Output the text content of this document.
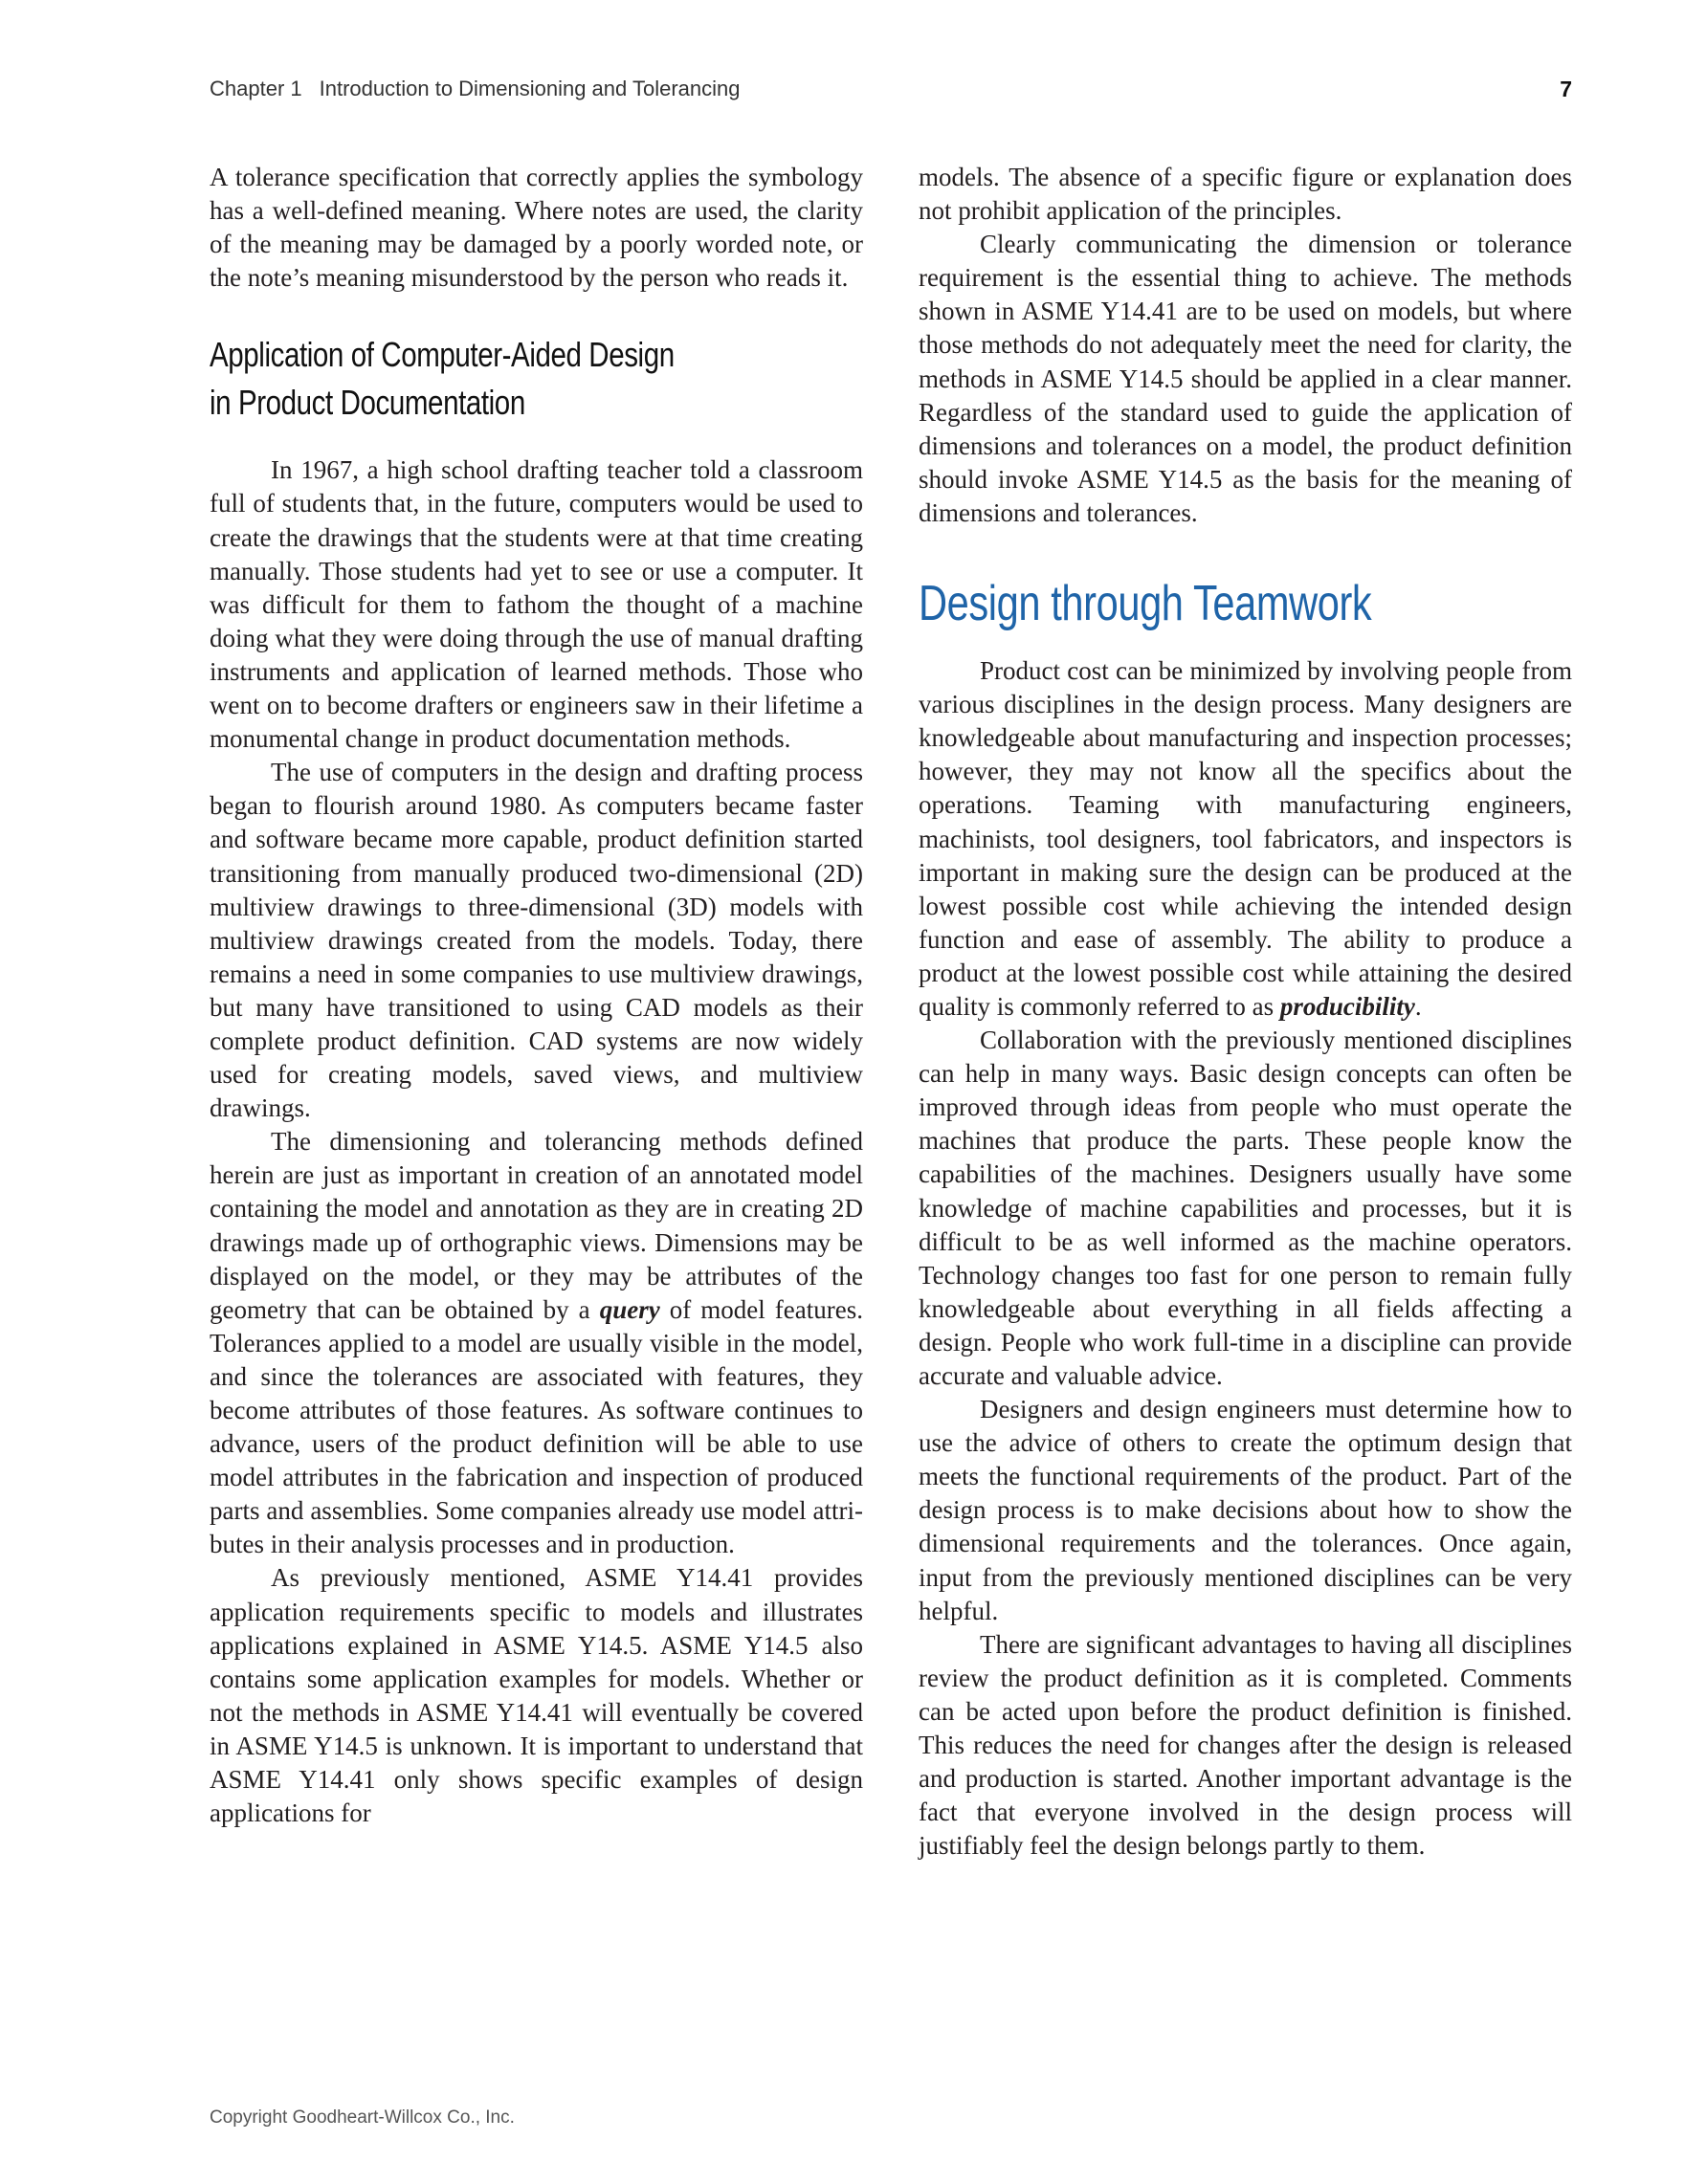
Chapter 1 Introduction to Dimensioning and Tolerancing	7

A tolerance specification that correctly applies the symbology has a well-defined meaning. Where notes are used, the clarity of the meaning may be damaged by a poorly worded note, or the note’s meaning misunderstood by the person who reads it.

Application of Computer-Aided Design
in Product Documentation

In 1967, a high school drafting teacher told a classroom full of students that, in the future, computers would be used to create the drawings that the students were at that time creating manually. Those students had yet to see or use a computer. It was difficult for them to fathom the thought of a machine doing what they were doing through the use of manual drafting instruments and application of learned methods. Those who went on to become drafters or engineers saw in their lifetime a monumental change in product documentation methods.

The use of computers in the design and drafting process began to flourish around 1980. As computers became faster and software became more capable, product definition started transitioning from manually produced two-dimensional (2D) multiview drawings to three-dimensional (3D) models with multiview drawings created from the models. Today, there remains a need in some companies to use multiview drawings, but many have transitioned to using CAD models as their complete product definition. CAD systems are now widely used for creating models, saved views, and multiview drawings.

The dimensioning and tolerancing methods defined herein are just as important in creation of an annotated model containing the model and annotation as they are in creating 2D drawings made up of orthographic views. Dimensions may be displayed on the model, or they may be attributes of the geometry that can be obtained by a query of model features. Tolerances applied to a model are usually visible in the model, and since the tolerances are associated with features, they become attributes of those features. As software continues to advance, users of the product definition will be able to use model attributes in the fabrication and inspection of produced parts and assemblies. Some companies already use model attributes in their analysis processes and in production.

As previously mentioned, ASME Y14.41 provides application requirements specific to models and illustrates applications explained in ASME Y14.5. ASME Y14.5 also contains some application examples for models. Whether or not the methods in ASME Y14.41 will eventually be covered in ASME Y14.5 is unknown. It is important to understand that ASME Y14.41 only shows specific examples of design applications for

models. The absence of a specific figure or explanation does not prohibit application of the principles.

Clearly communicating the dimension or tolerance requirement is the essential thing to achieve. The methods shown in ASME Y14.41 are to be used on models, but where those methods do not adequately meet the need for clarity, the methods in ASME Y14.5 should be applied in a clear manner. Regardless of the standard used to guide the application of dimensions and tolerances on a model, the product definition should invoke ASME Y14.5 as the basis for the meaning of dimensions and tolerances.

Design through Teamwork

Product cost can be minimized by involving people from various disciplines in the design process. Many designers are knowledgeable about manufacturing and inspection processes; however, they may not know all the specifics about the operations. Teaming with manufacturing engineers, machinists, tool designers, tool fabricators, and inspectors is important in making sure the design can be produced at the lowest possible cost while achieving the intended design function and ease of assembly. The ability to produce a product at the lowest possible cost while attaining the desired quality is commonly referred to as producibility.

Collaboration with the previously mentioned disciplines can help in many ways. Basic design concepts can often be improved through ideas from people who must operate the machines that produce the parts. These people know the capabilities of the machines. Designers usually have some knowledge of machine capabilities and processes, but it is difficult to be as well informed as the machine operators. Technology changes too fast for one person to remain fully knowledgeable about everything in all fields affecting a design. People who work full-time in a discipline can provide accurate and valuable advice.

Designers and design engineers must determine how to use the advice of others to create the optimum design that meets the functional requirements of the product. Part of the design process is to make decisions about how to show the dimensional requirements and the tolerances. Once again, input from the previously mentioned disciplines can be very helpful.

There are significant advantages to having all disciplines review the product definition as it is completed. Comments can be acted upon before the product definition is finished. This reduces the need for changes after the design is released and production is started. Another important advantage is the fact that everyone involved in the design process will justifiably feel the design belongs partly to them.

Copyright Goodheart-Willcox Co., Inc.
